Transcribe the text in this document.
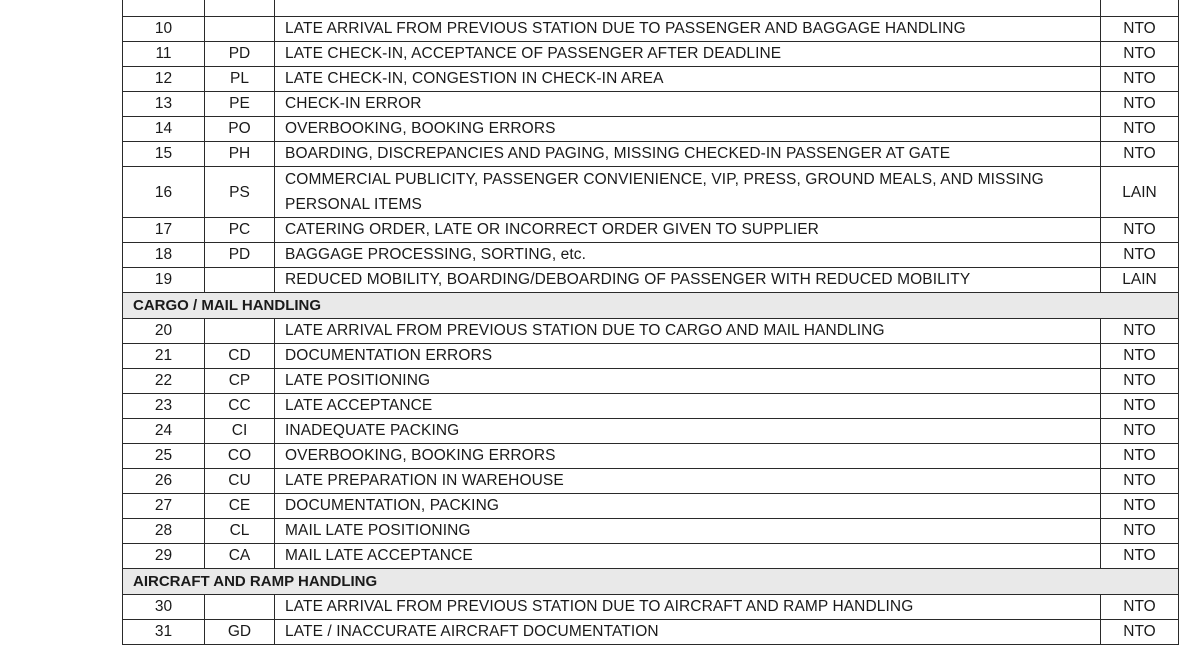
10		LATE ARRIVAL FROM PREVIOUS STATION DUE TO PASSENGER AND BAGGAGE HANDLING	NTO
11	PD	LATE CHECK-IN, ACCEPTANCE OF PASSENGER AFTER DEADLINE	NTO
12	PL	LATE CHECK-IN, CONGESTION IN CHECK-IN AREA	NTO
13	PE	CHECK-IN ERROR	NTO
14	PO	OVERBOOKING, BOOKING ERRORS	NTO
15	PH	BOARDING, DISCREPANCIES AND PAGING, MISSING CHECKED-IN PASSENGER AT GATE	NTO
16	PS	COMMERCIAL PUBLICITY, PASSENGER CONVIENIENCE, VIP, PRESS, GROUND MEALS, AND MISSING PERSONAL ITEMS	LAIN
17	PC	CATERING ORDER, LATE OR INCORRECT ORDER GIVEN TO SUPPLIER	NTO
18	PD	BAGGAGE PROCESSING, SORTING, etc.	NTO
19		REDUCED MOBILITY, BOARDING/DEBOARDING OF PASSENGER WITH REDUCED MOBILITY	LAIN
CARGO / MAIL HANDLING			
20		LATE ARRIVAL FROM PREVIOUS STATION DUE TO CARGO AND MAIL HANDLING	NTO
21	CD	DOCUMENTATION ERRORS	NTO
22	CP	LATE POSITIONING	NTO
23	CC	LATE ACCEPTANCE	NTO
24	CI	INADEQUATE PACKING	NTO
25	CO	OVERBOOKING, BOOKING ERRORS	NTO
26	CU	LATE PREPARATION IN WAREHOUSE	NTO
27	CE	DOCUMENTATION, PACKING	NTO
28	CL	MAIL LATE POSITIONING	NTO
29	CA	MAIL LATE ACCEPTANCE	NTO
AIRCRAFT AND RAMP HANDLING			
30		LATE ARRIVAL FROM PREVIOUS STATION DUE TO AIRCRAFT AND RAMP HANDLING	NTO
31	GD	LATE / INACCURATE AIRCRAFT DOCUMENTATION	NTO
